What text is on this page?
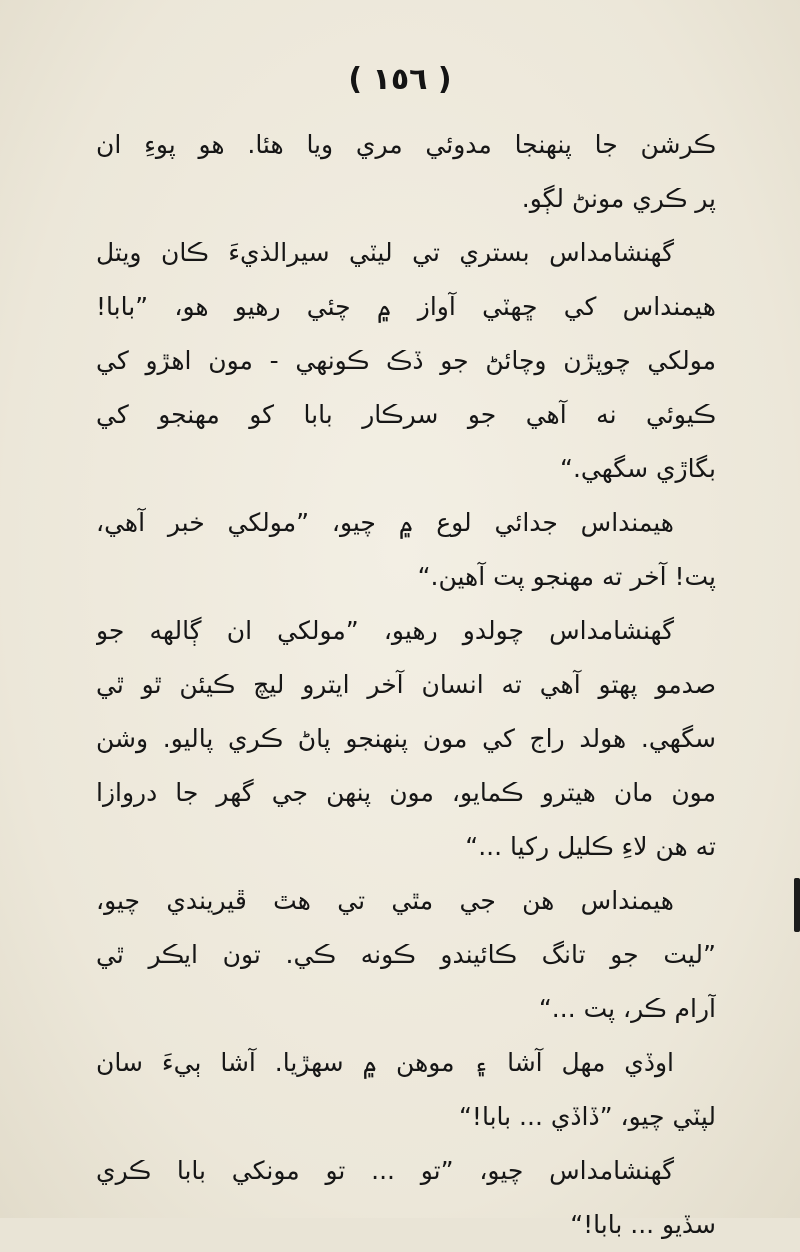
( ١٥٦ )
ڪرشن جا پنهنجا مدوئي مري ويا هئا. هو پوءِ ان
پر ڪري مونڻ لڳو.
گهنشامداس بستري تي ليٽي سيرالذيءَ ڪان ويتل
هيمنداس کي ڇهٽي آواز ۾ چئي رهيو هو، ”بابا!
مولکي چوپڙن وچائڻ جو ڏڪ ڪونهي - مون اهڙو کي
ڪيوئي نه آهي جو سرڪار بابا کو مهنجو کي
بگاڙي سگهي.“
هيمنداس جدائي لوع ۾ چيو، ”مولکي خبر آهي،
پت! آخر ته مهنجو پت آهين.“
گهنشامداس چولدو رهيو، ”مولکي ان ڳالهه جو
صدمو پهتو آهي ته انسان آخر ايترو ليچ ڪيئن ٿو ٿي
سگهي. هولد راج کي مون پنهنجو پاڻ ڪري پاليو. وشن
مون مان هيترو ڪمايو، مون پنهن جي گهر جا دروازا
ته هن لاءِ ڪليل رکيا ...“
هيمنداس هن جي مٿي تي هٿ ڦيريندي چيو،
”ليت جو تانگ ڪائيندو ڪونه ڪي. تون ايڪر ٿي
آرام ڪر، پت ...“
اوڏي مهل آشا ۽ موهن ۾ سهڙيا. آشا ٻيءَ سان
لپٽي چيو، ”ڏاڏي ... بابا!“
گهنشامداس چيو، ”تو ... تو مونکي بابا ڪري
سڏيو ... بابا!“
